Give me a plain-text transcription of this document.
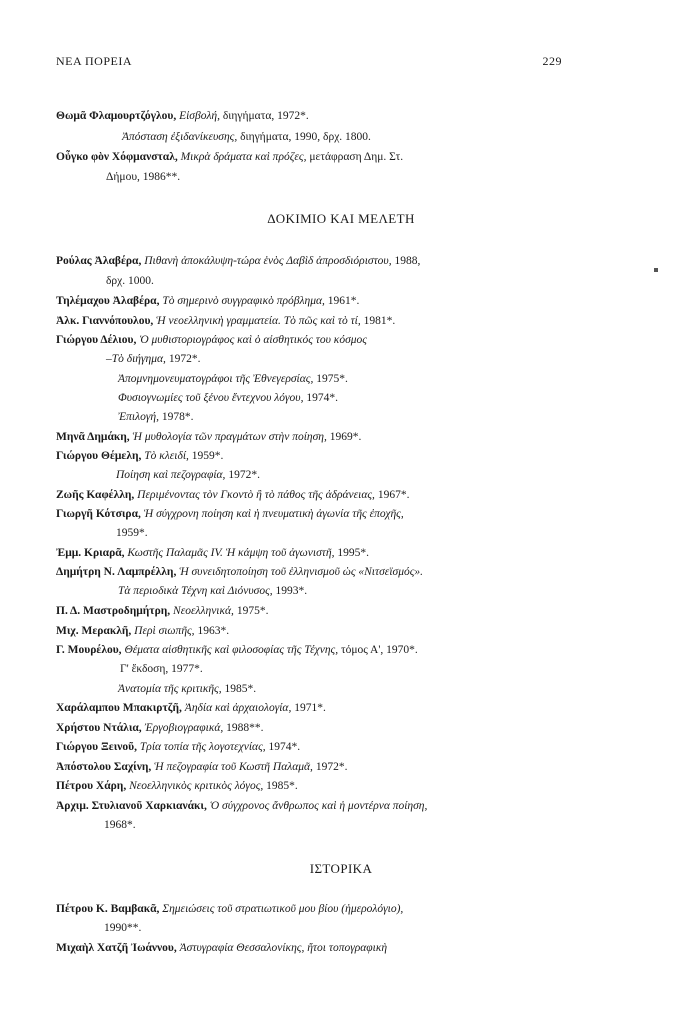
ΝΕΑ ΠΟΡΕΙΑ	229
Θωμᾶ Φλαμουρτζόγλου, Εἰσβολή, διηγήματα, 1972*.
Ἀπόσταση ἐξιδανίκευσης, διηγήματα, 1990, δρχ. 1800.
Οὖγκο φὸν Χόφμανσταλ, Μικρὰ δράματα καὶ πρόζες, μετάφραση Δημ. Στ.
Δήμου, 1986**.
ΔΟΚΙΜΙΟ ΚΑΙ ΜΕΛΕΤΗ
Ρούλας Ἀλαβέρα, Πιθανὴ ἀποκάλυψη-τώρα ἑνὸς Δαβὶδ ἀπροσδιόριστου, 1988,
δρχ. 1000.
Τηλέμαχου Ἀλαβέρα, Τὸ σημερινὸ συγγραφικὸ πρόβλημα, 1961*.
Ἀλκ. Γιαννόπουλου, Ἡ νεοελληνικὴ γραμματεία. Τὸ πῶς καὶ τὸ τί, 1981*.
Γιώργου Δέλιου, Ὁ μυθιστοριογράφος καὶ ὁ αἰσθητικός του κόσμος
–Τὸ διήγημα, 1972*.
Ἀπομνημονευματογράφοι τῆς Ἐθνεγερσίας, 1975*.
Φυσιογνωμίες τοῦ ξένου ἔντεχνου λόγου, 1974*.
Ἐπιλογή, 1978*.
Μηνᾶ Δημάκη, Ἡ μυθολογία τῶν πραγμάτων στὴν ποίηση, 1969*.
Γιώργου Θέμελη, Τὸ κλειδί, 1959*.
Ποίηση καὶ πεζογραφία, 1972*.
Ζωῆς Καφέλλη, Περιμένοντας τὸν Γκοντὸ ἢ τὸ πάθος τῆς ἀδράνειας, 1967*.
Γιωργῆ Κότσιρα, Ἡ σύγχρονη ποίηση καὶ ἡ πνευματικὴ ἀγωνία τῆς ἐποχῆς,
1959*.
Ἐμμ. Κριαρᾶ, Κωστῆς Παλαμᾶς IV. Ἡ κάμψη τοῦ ἀγωνιστῆ, 1995*.
Δημήτρη Ν. Λαμπρέλλη, Ἡ συνειδητοποίηση τοῦ ἑλληνισμοῦ ὡς «Νιτσεϊσμός».
Τὰ περιοδικὰ Τέχνη καὶ Διόνυσος, 1993*.
Π. Δ. Μαστροδημήτρη, Νεοελληνικά, 1975*.
Μιχ. Μερακλῆ, Περὶ σιωπῆς, 1963*.
Γ. Μουρέλου, Θέματα αἰσθητικῆς καὶ φιλοσοφίας τῆς Τέχνης, τόμος Α', 1970*.
Γ' ἔκδοση, 1977*.
Ἀνατομία τῆς κριτικῆς, 1985*.
Χαράλαμπου Μπακιρτζῆ, Ἀηδία καὶ ἀρχαιολογία, 1971*.
Χρήστου Ντάλια, Ἐργοβιογραφικά, 1988**.
Γιώργου Ξεινοῦ, Τρία τοπία τῆς λογοτεχνίας, 1974*.
Ἀπόστολου Σαχίνη, Ἡ πεζογραφία τοῦ Κωστῆ Παλαμᾶ, 1972*.
Πέτρου Χάρη, Νεοελληνικὸς κριτικὸς λόγος, 1985*.
Ἀρχιμ. Στυλιανοῦ Χαρκιανάκι, Ὁ σύγχρονος ἄνθρωπος καὶ ἡ μοντέρνα ποίηση,
1968*.
ΙΣΤΟΡΙΚΑ
Πέτρου Κ. Βαμβακᾶ, Σημειώσεις τοῦ στρατιωτικοῦ μου βίου (ἡμερολόγιο),
1990**.
Μιχαὴλ Χατζῆ Ἰωάννου, Ἀστυγραφία Θεσσαλονίκης, ἤτοι τοπογραφικὴ
